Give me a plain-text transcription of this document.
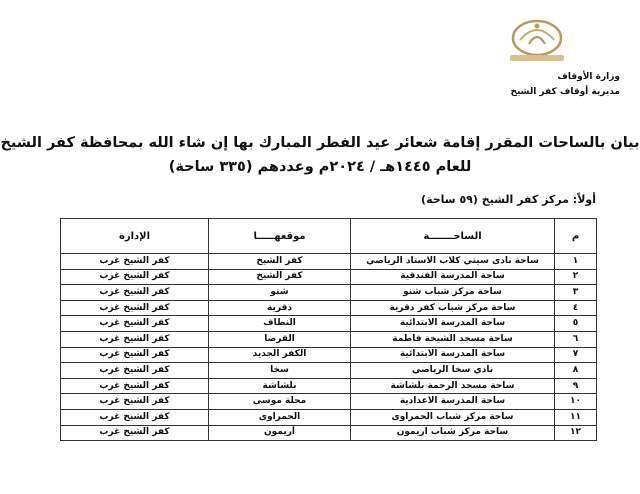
وزارة الأوقاف
مديرية أوقاف كفر الشيخ
بيان بالساحات المقرر إقامة شعائر عيد الفطر المبارك بها إن شاء الله بمحافظة كفر الشيخ
للعام ١٤٤٥هـ / ٢٠٢٤م وعددهم (٣٣٥ ساحة)
أولاً: مركز كفر الشيخ (٥٩ ساحة)
م	الساحـــــــة	موقعهـــــا	الإدارة
١	ساحة نادى سيتي كلاب الاستاد الرياضي	كفر الشيخ	كفر الشيخ غرب
٢	ساحة المدرسة الفندقية	كفر الشيخ	كفر الشيخ غرب
٣	ساحة مركز شباب شنو	شنو	كفر الشيخ غرب
٤	ساحة مركز شباب كفر دقرية	دقرية	كفر الشيخ غرب
٥	ساحة المدرسة الابتدائية	النطاف	كفر الشيخ غرب
٦	ساحة مسجد الشيخة فاطمة	القرضا	كفر الشيخ غرب
٧	ساحة المدرسة الابتدائية	الكفر الجديد	كفر الشيخ غرب
٨	نادي سخا الرياضي	سخا	كفر الشيخ غرب
٩	ساحة مسجد الرحمة بلشاشة	بلشاشة	كفر الشيخ غرب
١٠	ساحة المدرسة الاعدادية	محلة موسى	كفر الشيخ غرب
١١	ساحة مركز شباب الحمراوى	الحمراوى	كفر الشيخ غرب
١٢	ساحة مركز شباب اريمون	أريمون	كفر الشيخ غرب
